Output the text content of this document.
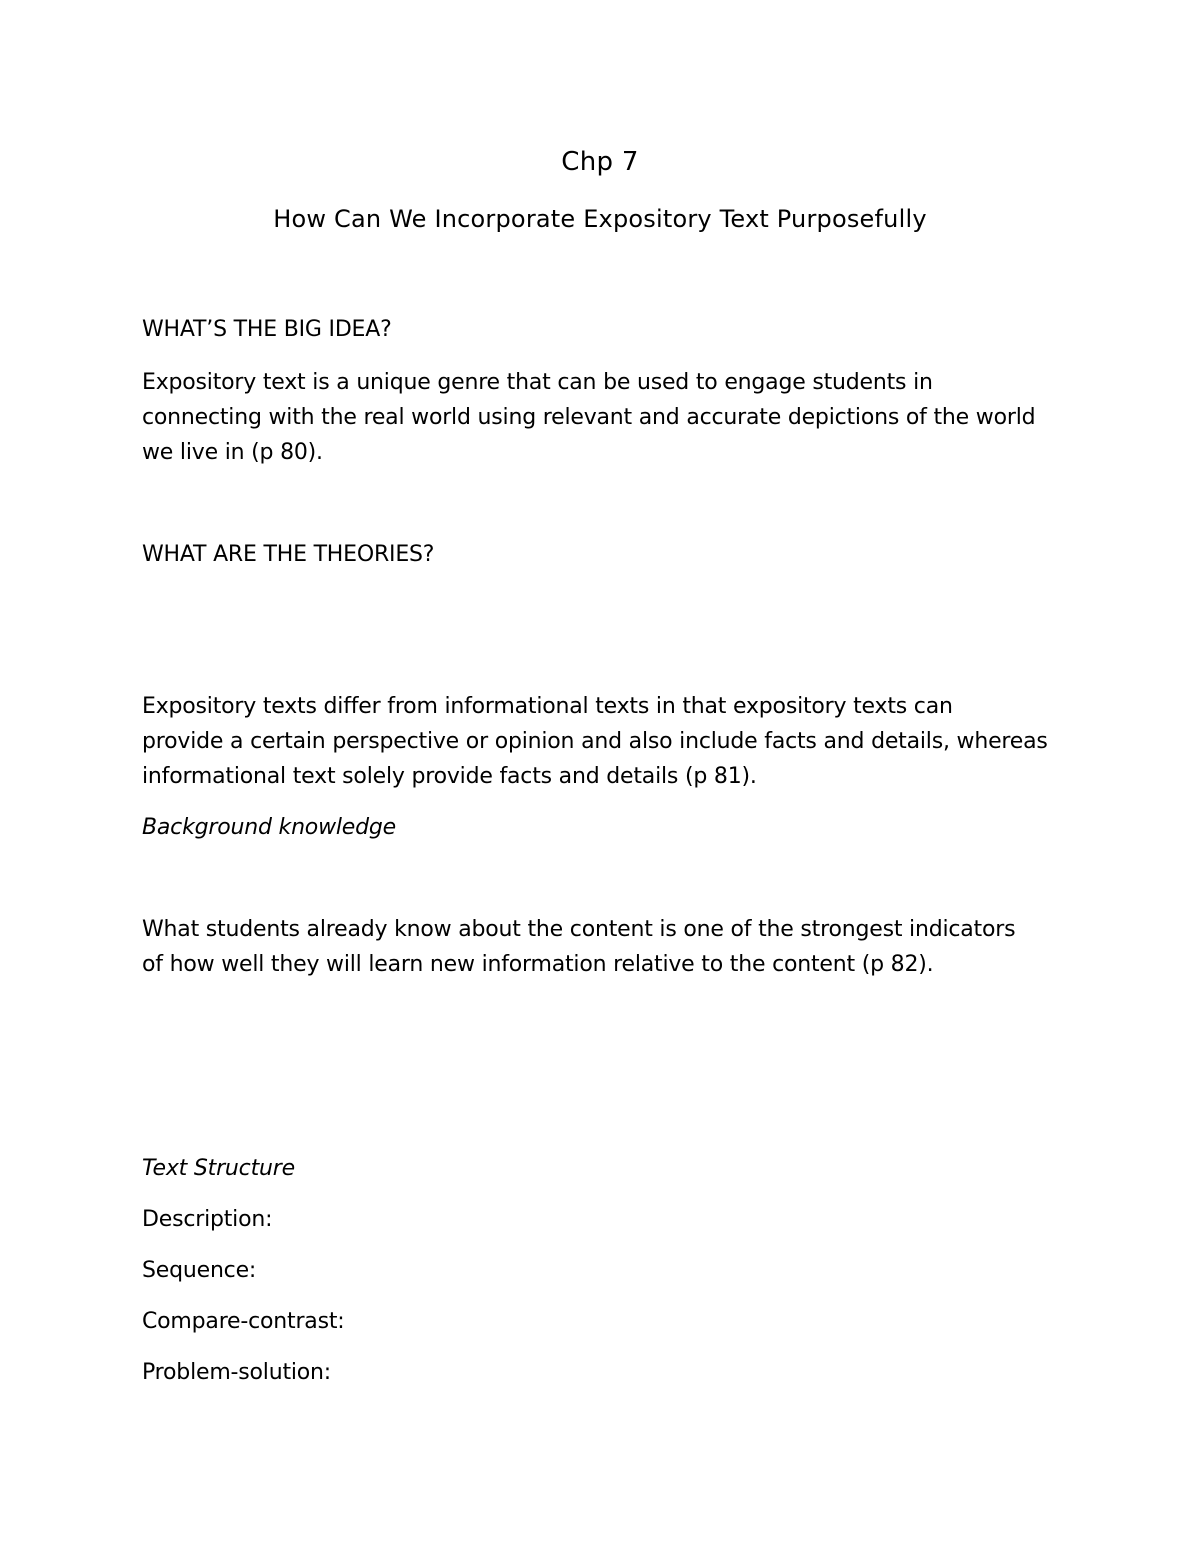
Chp 7

How Can We Incorporate Expository Text Purposefully

WHAT’S THE BIG IDEA?

Expository text is a unique genre that can be used to engage students in

connecting with the real world using relevant and accurate depictions of the world

we live in (p 80).

WHAT ARE THE THEORIES?

Expository texts differ from informational texts in that expository texts can

provide a certain perspective or opinion and also include facts and details, whereas

informational text solely provide facts and details (p 81).

Background knowledge

What students already know about the content is one of the strongest indicators

of how well they will learn new information relative to the content (p 82).

Text Structure

Description:

Sequence:

Compare-contrast:

Problem-solution:
